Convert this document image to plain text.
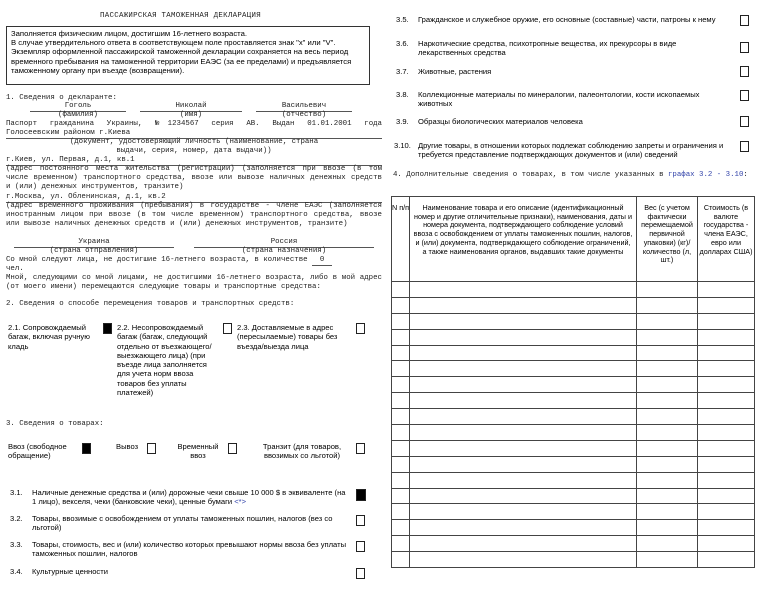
ПАССАЖИРСКАЯ ТАМОЖЕННАЯ ДЕКЛАРАЦИЯ
Заполняется физическим лицом, достигшим 16-летнего возраста.
В случае утвердительного ответа в соответствующем поле проставляется знак "х" или "V".
Экземпляр оформленной пассажирской таможенной декларации сохраняется на весь период временного пребывания на таможенной территории ЕАЭС (за ее пределами) и предъявляется таможенному органу при въезде (возвращении).
1. Сведения о декларанте:
Гоголь	Николай	Васильевич
(фамилия)	(имя)	(отчество)
Паспорт гражданина Украины, №1234567 серия АВ. Выдан 01.01.2001 года
Голосеевским районом г.Киева
(документ, удостоверяющий личность (наименование, страна
выдачи, серия, номер, дата выдачи))
г.Киев, ул. Первая, д.1, кв.1
(адрес постоянного места жительства (регистрации) (заполняется при ввозе (в том числе временном) транспортного средства, ввозе или вывозе наличных денежных средств и (или) денежных инструментов, транзите)
г.Москва, ул. Обленинская, д.1, кв.2
(адрес временного проживания (пребывания) в государстве - члене ЕАЭС (заполняется иностранным лицом при ввозе (в том числе временном) транспортного средства, ввозе или вывозе наличных денежных средств и (или) денежных инструментов, транзите)
Украина	Россия
(страна отправления)	(страна назначения)
Со мной следуют лица, не достигшие 16-летнего возраста, в количестве 0
чел.
Мной, следующими со мной лицами, не достигшими 16-летнего возраста, либо в мой адрес (от моего имени) перемещаются следующие товары и транспортные средства:
2. Сведения о способе перемещения товаров и транспортных средств:
2.1. Сопровождаемый багаж, включая ручную кладь
2.2. Несопровождаемый багаж (багаж, следующий отдельно от въезжающего/выезжающего лица) (при въезде лица заполняется для учета норм ввоза товаров без уплаты платежей)
2.3. Доставляемые в адрес (пересылаемые) товары без въезда/выезда лица
3. Сведения о товарах:
Ввоз (свободное обращение)
Вывоз	Временный ввоз
Транзит (для товаров, ввозимых со льготой)
3.1. Наличные денежные средства и (или) дорожные чеки свыше 10 000 $ в эквиваленте (на 1 лицо), векселя, чеки (банковские чеки), ценные бумаги <*>
3.2. Товары, ввозимые с освобождением от уплаты таможенных пошлин, налогов (вез со льготой)
3.3. Товары, стоимость, вес и (или) количество которых превышают нормы ввоза без уплаты таможенных пошлин, налогов
3.4. Культурные ценности
3.5. Гражданское и служебное оружие, его основные (составные) части, патроны к нему
3.6. Наркотические средства, психотропные вещества, их прекурсоры в виде лекарственных средства
3.7. Животные, растения
3.8. Коллекционные материалы по минералогии, палеонтологии, кости ископаемых животных
3.9. Образцы биологических материалов человека
3.10. Другие товары, в отношении которых подлежат соблюдению запреты и ограничения и требуется представление подтверждающих документов и (или) сведений
4. Дополнительные сведения о товарах, в том числе указанных в графах 3.2 - 3.10:
N п/п	Наименование товара и его описание (идентификационный номер и другие отличительные признаки), наименования, даты и номера документа, подтверждающего соблюдение условий ввоза с освобождением от уплаты таможенных пошлин, налогов, и (или) документа, подтверждающего соблюдение ограничений, а также наименования органов, выдавших такие документы	Вес (с учетом фактически перемещаемой первичной упаковки) (кг)/количество (л, шт.)	Стоимость (в валюте государства - члена ЕАЭС, евро или долларах США)
